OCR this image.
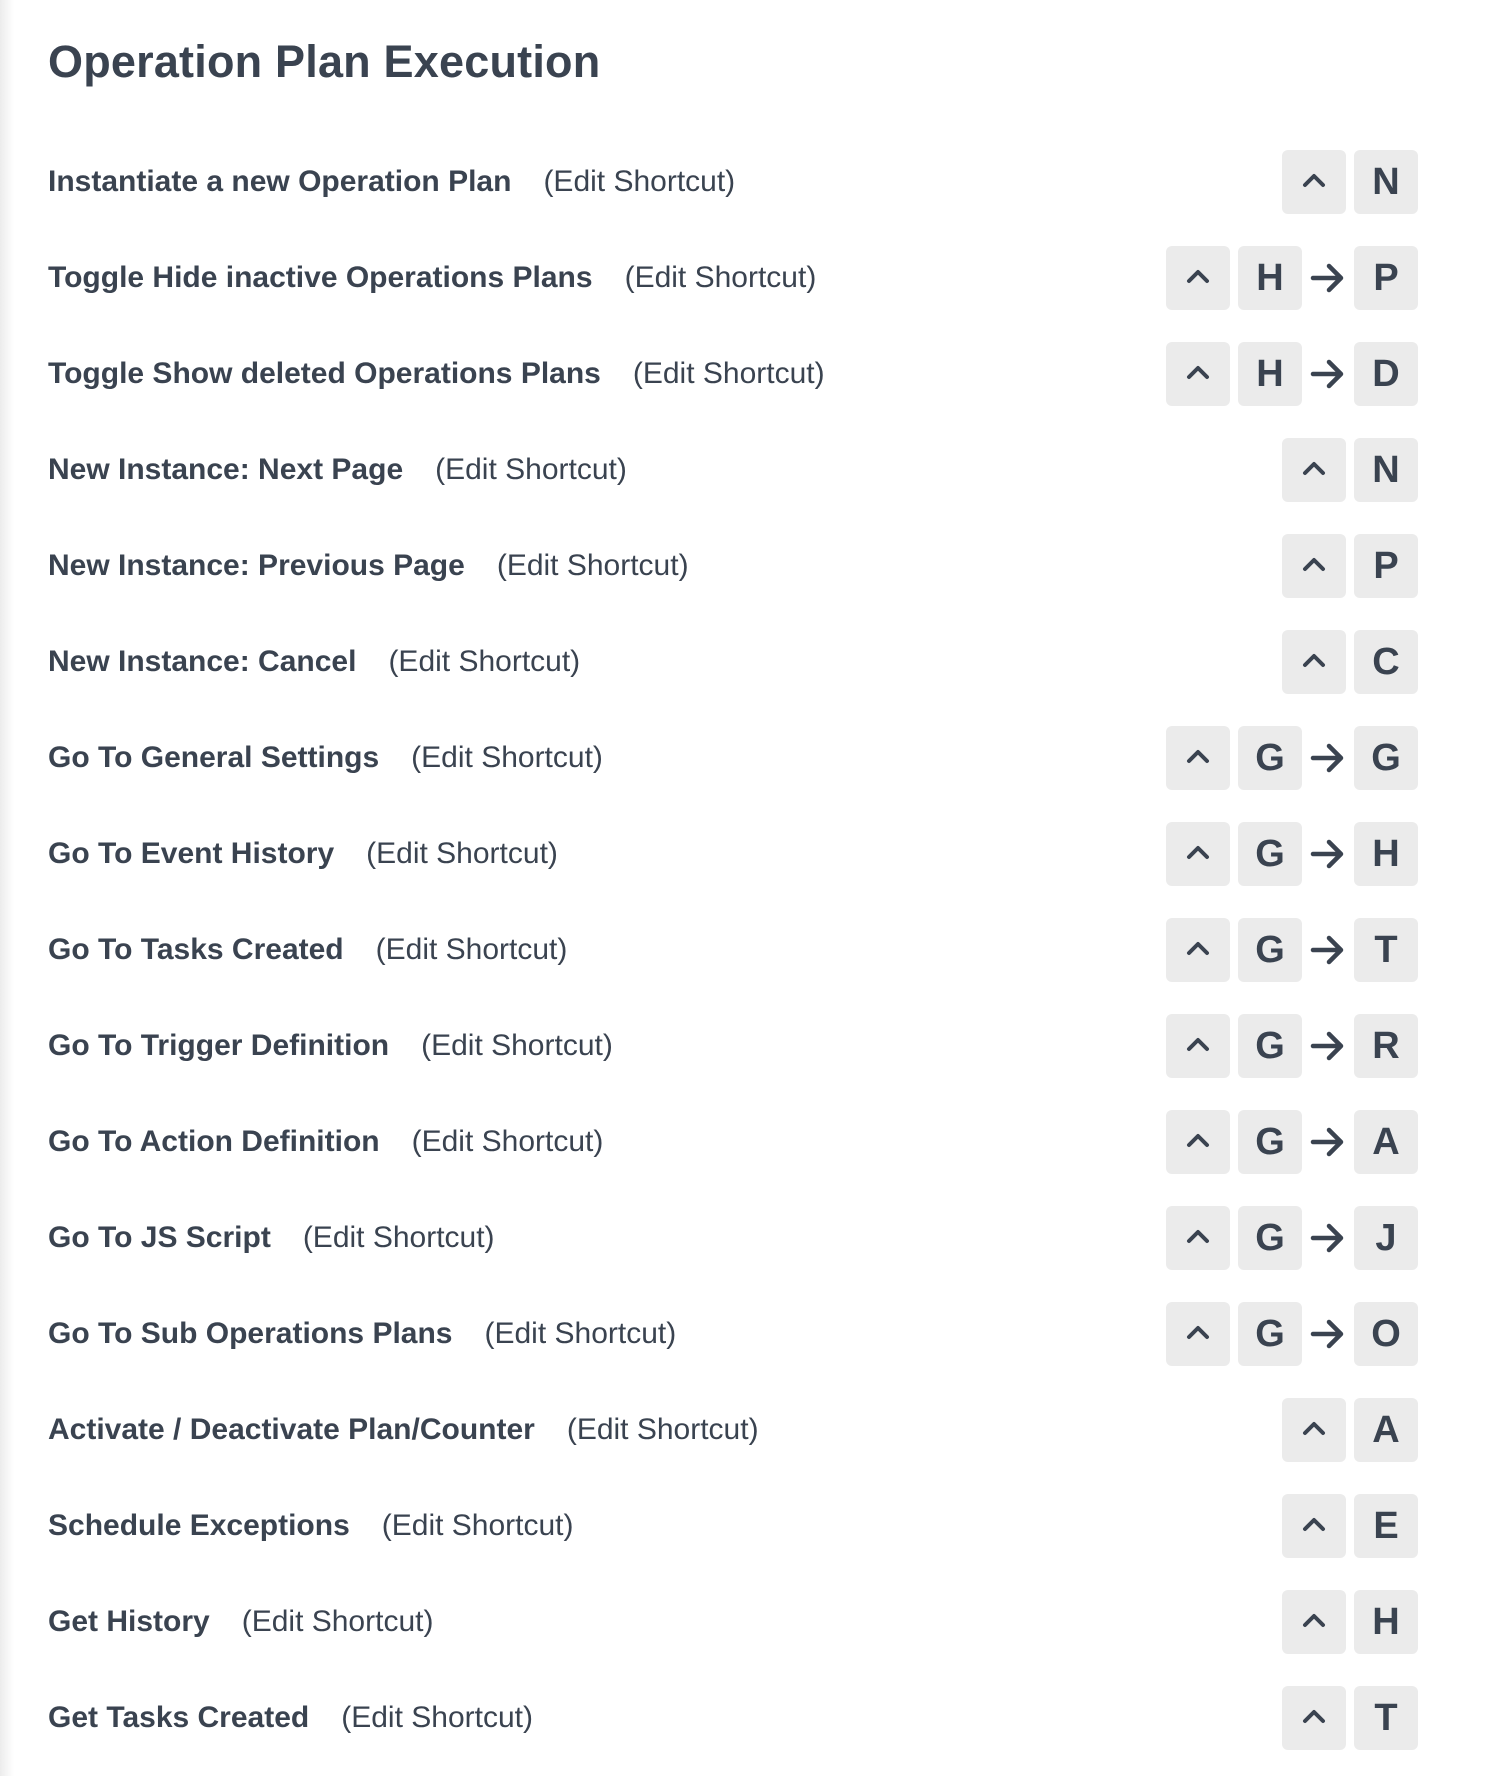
Operation Plan Execution
Instantiate a new Operation Plan (Edit Shortcut)	N
Toggle Hide inactive Operations Plans (Edit Shortcut)	H P
Toggle Show deleted Operations Plans (Edit Shortcut)	H D
New Instance: Next Page (Edit Shortcut)	N
New Instance: Previous Page (Edit Shortcut)	P
New Instance: Cancel (Edit Shortcut)	C
Go To General Settings (Edit Shortcut)	G G
Go To Event History (Edit Shortcut)	G H
Go To Tasks Created (Edit Shortcut)	G T
Go To Trigger Definition (Edit Shortcut)	G R
Go To Action Definition (Edit Shortcut)	G A
Go To JS Script (Edit Shortcut)	G J
Go To Sub Operations Plans (Edit Shortcut)	G O
Activate / Deactivate Plan/Counter (Edit Shortcut)	A
Schedule Exceptions (Edit Shortcut)	E
Get History (Edit Shortcut)	H
Get Tasks Created (Edit Shortcut)	T
